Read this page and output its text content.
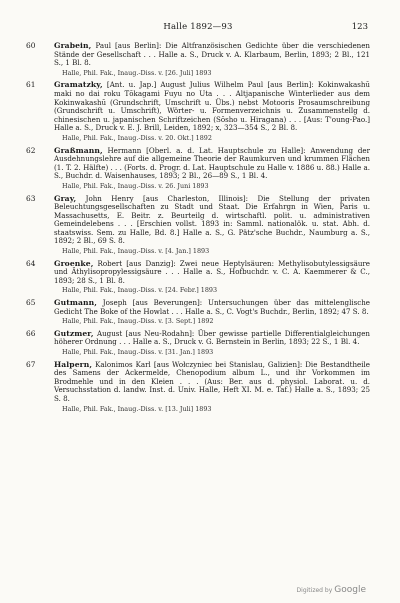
Halle 1892—93	123
60	Grabein, Paul [aus Berlin]: Die Altfranzösischen Gedichte über die verschiedenen Stände der Gesellschaft . . . Halle a. S., Druck v. A. Klarbaum, Berlin, 1893; 2 Bl., 121 S., 1 Bl. 8.
Halle, Phil. Fak., Inaug.-Diss. v. [26. Juli] 1893
61	Gramatzky, [Ant. u. Jap.] August Julius Wilhelm Paul [aus Berlin]: Kokinwakashū maki no dai roku Tōkagami Fuyu no Uta . . . Altjapanische Winterlieder aus dem Kokinwakashū (Grundschrift, Umschrift u. Übs.) nebst Motooris Prosaumschreibung (Grundschrift u. Umschrift), Wörter- u. Formenverzeichnis u. Zusammenstellg d. chinesischen u. japanischen Schriftzeichen (Sōsho u. Hiragana) . . . [Aus: T'oung-Pao.] Halle a. S., Druck v. E. J. Brill, Leiden, 1892; x, 323—354 S., 2 Bl. 8.
Halle, Phil. Fak., Inaug.-Diss. v. 20. Okt.] 1892
62	Graßmann, Hermann [Oberl. a. d. Lat. Hauptschule zu Halle]: Anwendung der Ausdehnungslehre auf die allgemeine Theorie der Raumkurven und krummen Flächen (1. T. 2. Hälfte) . . . (Forts. d. Progr. d. Lat. Hauptschule zu Halle v. 1886 u. 88.) Halle a. S., Buchdr. d. Waisenhauses, 1893; 2 Bl., 26—89 S., 1 Bl. 4.
Halle, Phil. Fak., Inaug.-Diss. v. 26. Juni 1893
63	Gray, John Henry [aus Charleston, Illinois]: Die Stellung der privaten Beleuchtungsgesellschaften zu Stadt und Staat. Die Erfahrgn in Wien, Paris u. Massachusetts, E. Beitr. z. Beurteilg d. wirtschaftl. polit. u. administrativen Gemeindelebens . . . [Erschien vollst. 1893 in: Samml. nationalök. u. stat. Abh. d. staatswiss. Sem. zu Halle, Bd. 8.] Halle a. S., G. Pätz'sche Buchdr., Naumburg a. S., 1892; 2 Bl., 69 S. 8.
Halle, Phil. Fak., Inaug.-Diss. v. [4. Jan.] 1893
64	Groenke, Robert [aus Danzig]: Zwei neue Heptylsäuren: Methylisobutylessigsäure und Äthylisopropylessigsäure . . . Halle a. S., Hofbuchdr. v. C. A. Kaemmerer & C., 1893; 28 S., 1 Bl. 8.
Halle, Phil. Fak., Inaug.-Diss. v. [24. Febr.] 1893
65	Gutmann, Joseph [aus Beverungen]: Untersuchungen über das mittelenglische Gedicht The Boke of the Howlat . . . Halle a. S., C. Vogt's Buchdr., Berlin, 1892; 47 S. 8.
Halle, Phil. Fak., Inaug.-Diss. v. [3. Sept.] 1892
66	Gutzmer, August [aus Neu-Rodahn]: Über gewisse partielle Differentialgleichungen höherer Ordnung . . . Halle a. S., Druck v. G. Bernstein in Berlin, 1893; 22 S., 1 Bl. 4.
Halle, Phil. Fak., Inaug.-Diss. v. [31. Jan.] 1893
67	Halpern, Kalonimos Karl [aus Wołczyniec bei Stanislau, Galizien]: Die Bestandtheile des Samens der Ackermelde, Chenopodium album L., und ihr Vorkommen im Brodmehle und in den Kleien . . . (Aus: Ber. aus d. physiol. Laborat. u. d. Versuchsstation d. landw. Inst. d. Univ. Halle, Heft XI. M. e. Taf.) Halle a. S., 1893; 25 S. 8.
Halle, Phil. Fak., Inaug.-Diss. v. [13. Juli] 1893
Digitized by Google
